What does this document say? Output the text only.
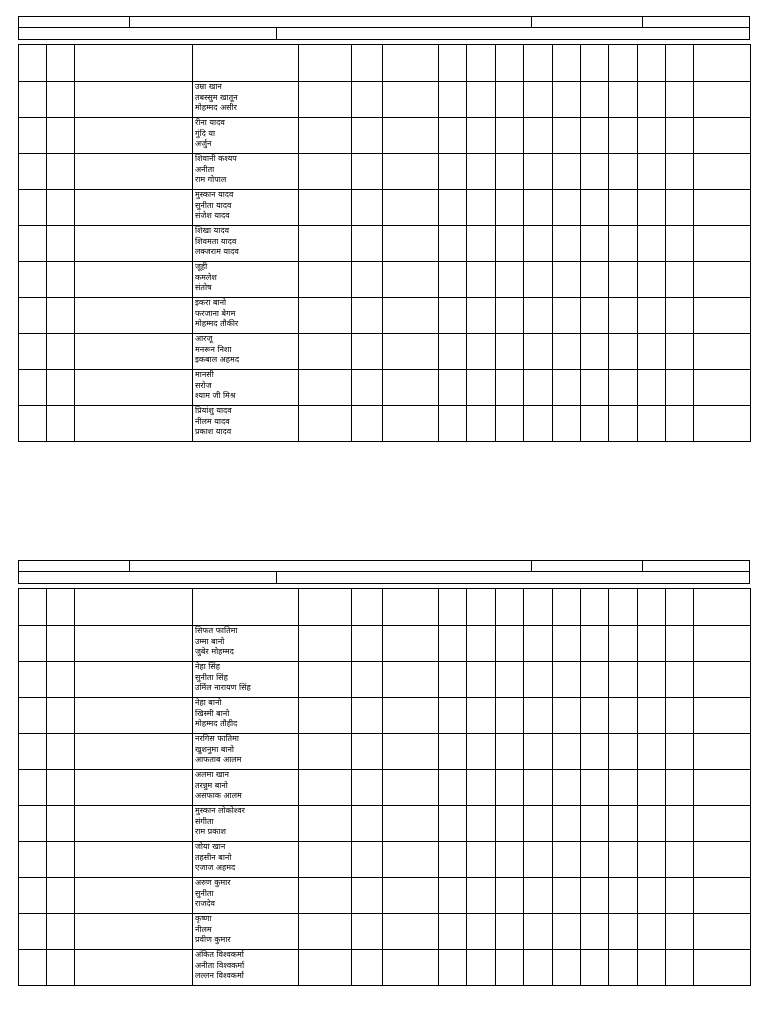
			उम्रा खान
तबस्सुम खातून
मोहम्मद असीर													

			रीना यादव
गुंदि या
अर्जुन													

			शिवानी कश्यप
अनीता
राम गोपाल													

			मुस्कान यादव
सुनीता यादव
संजेश यादव													

			शिखा यादव
शिवमता यादव
लक्जराम यादव													

			जूही
कमलेश
संतोष													

			इकरा बानो
फरजाना बेगम
मोहम्मद तौकीर													

			आरजू
मनरून निशा
इकबाल अहमद													

			मानसी
सरोज
श्याम जी मिश्र													

			प्रियांशु यादव
नीलम यादव
प्रकाश यादव													

			सिफत फातिमा
उम्मा बानो
जुबेर मोहम्मद													

			नेहा सिंह
सुनीता सिंह
उर्मिल नारायण सिंह													

			नेहा बानो
खिस्मी बानो
मोहम्मद तौहीद													

			नरगिस फातिमा
खुशनुमा बानो
आफताब आलम													

			अलमा खान
तरन्नुम बानो
असफाक आलम													

			मुस्कान लोकोश्वर
संगीता
राम प्रकाश													

			जोया खान
तहसीन बानो
एजाज अहमद													

			अरुण कुमार
सुनीता
राजदेव													

			कृष्णा
नीलम
प्रवीण कुमार													

			अंकित विश्वकर्मा
अनीता विश्वकर्मा
लल्लन विश्वकर्मा													
